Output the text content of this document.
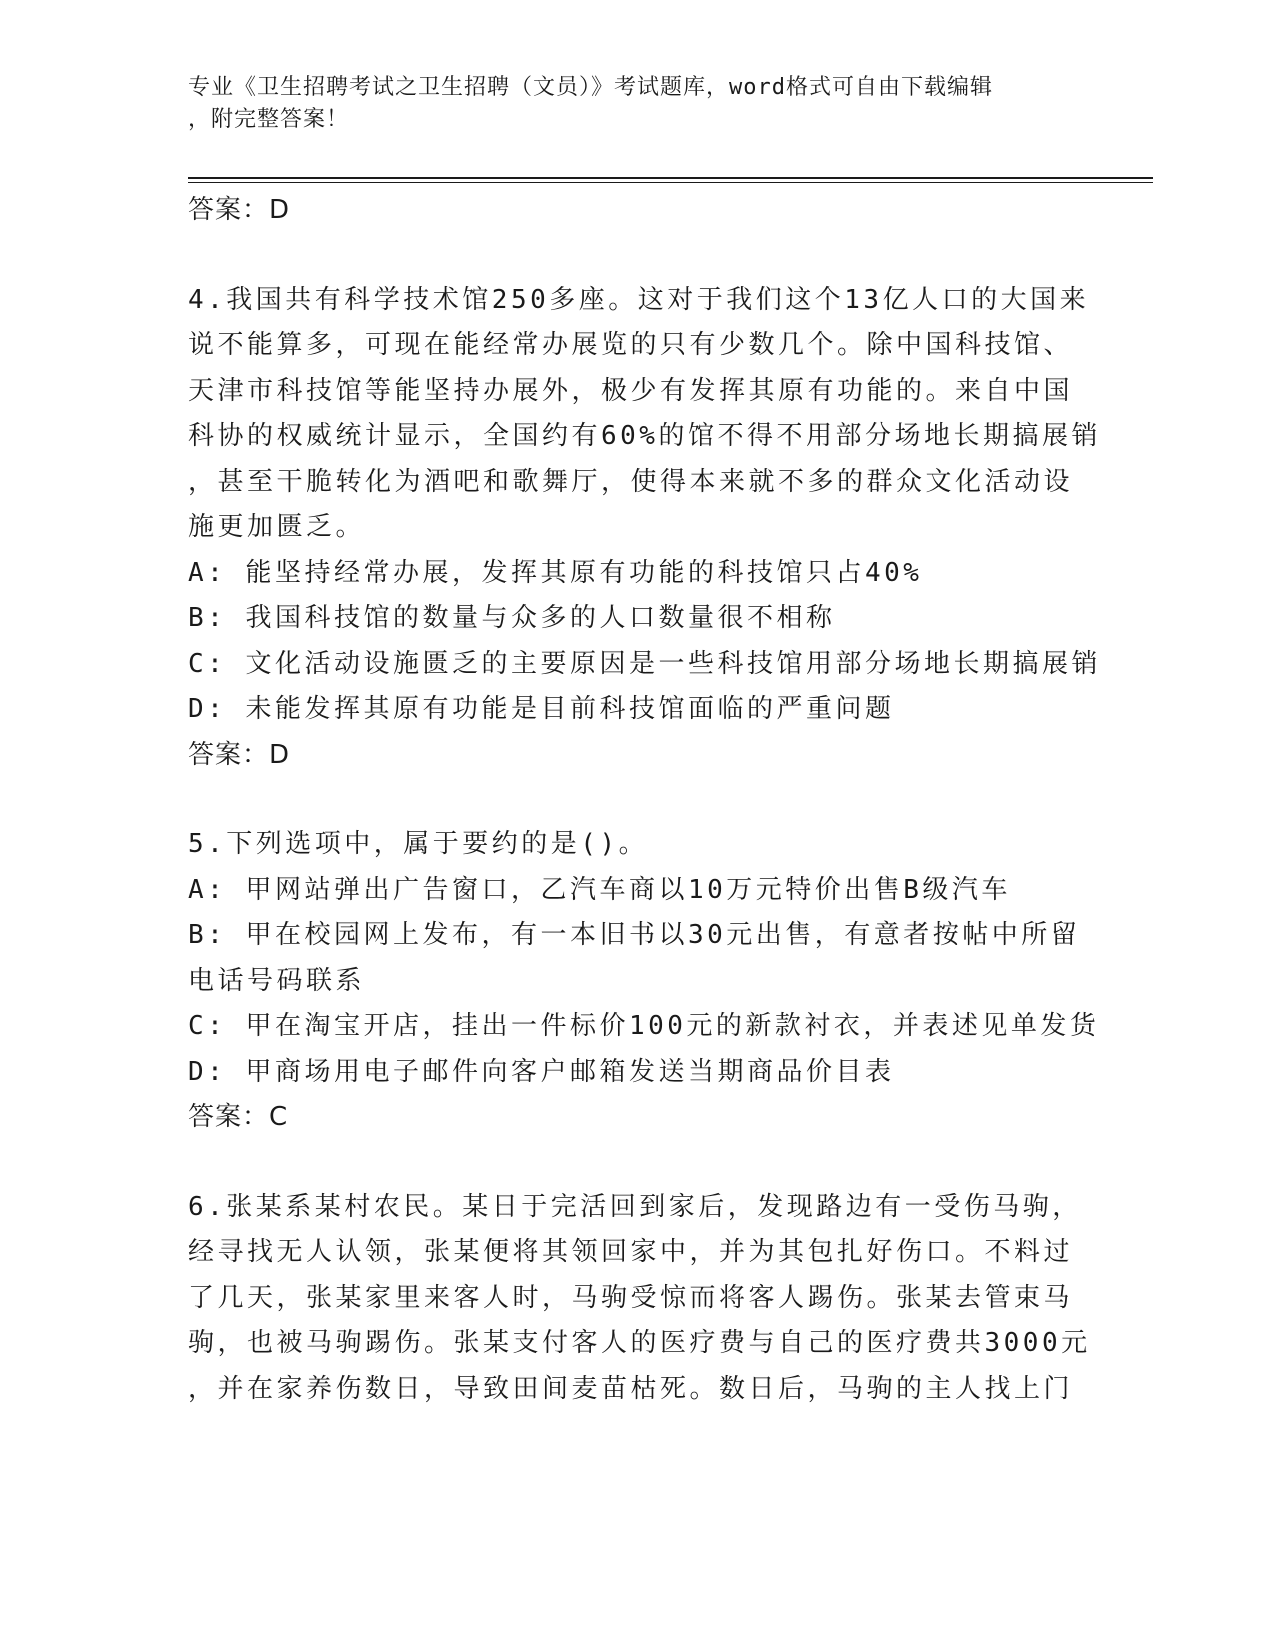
专业《卫生招聘考试之卫生招聘（文员）》考试题库，word格式可自由下载编辑
，附完整答案！

答案：D

4.我国共有科学技术馆250多座。这对于我们这个13亿人口的大国来

说不能算多，可现在能经常办展览的只有少数几个。除中国科技馆、

天津市科技馆等能坚持办展外，极少有发挥其原有功能的。来自中国

科协的权威统计显示，全国约有60%的馆不得不用部分场地长期搞展销

，甚至干脆转化为酒吧和歌舞厅，使得本来就不多的群众文化活动设

施更加匮乏。

A: 能坚持经常办展，发挥其原有功能的科技馆只占40%

B: 我国科技馆的数量与众多的人口数量很不相称

C: 文化活动设施匮乏的主要原因是一些科技馆用部分场地长期搞展销

D: 未能发挥其原有功能是目前科技馆面临的严重问题

答案：D

5.下列选项中，属于要约的是()。

A: 甲网站弹出广告窗口，乙汽车商以10万元特价出售B级汽车

B: 甲在校园网上发布，有一本旧书以30元出售，有意者按帖中所留

电话号码联系

C: 甲在淘宝开店，挂出一件标价100元的新款衬衣，并表述见单发货

D: 甲商场用电子邮件向客户邮箱发送当期商品价目表

答案：C

6.张某系某村农民。某日于完活回到家后，发现路边有一受伤马驹，

经寻找无人认领，张某便将其领回家中，并为其包扎好伤口。不料过

了几天，张某家里来客人时，马驹受惊而将客人踢伤。张某去管束马

驹，也被马驹踢伤。张某支付客人的医疗费与自己的医疗费共3000元

，并在家养伤数日，导致田间麦苗枯死。数日后，马驹的主人找上门
